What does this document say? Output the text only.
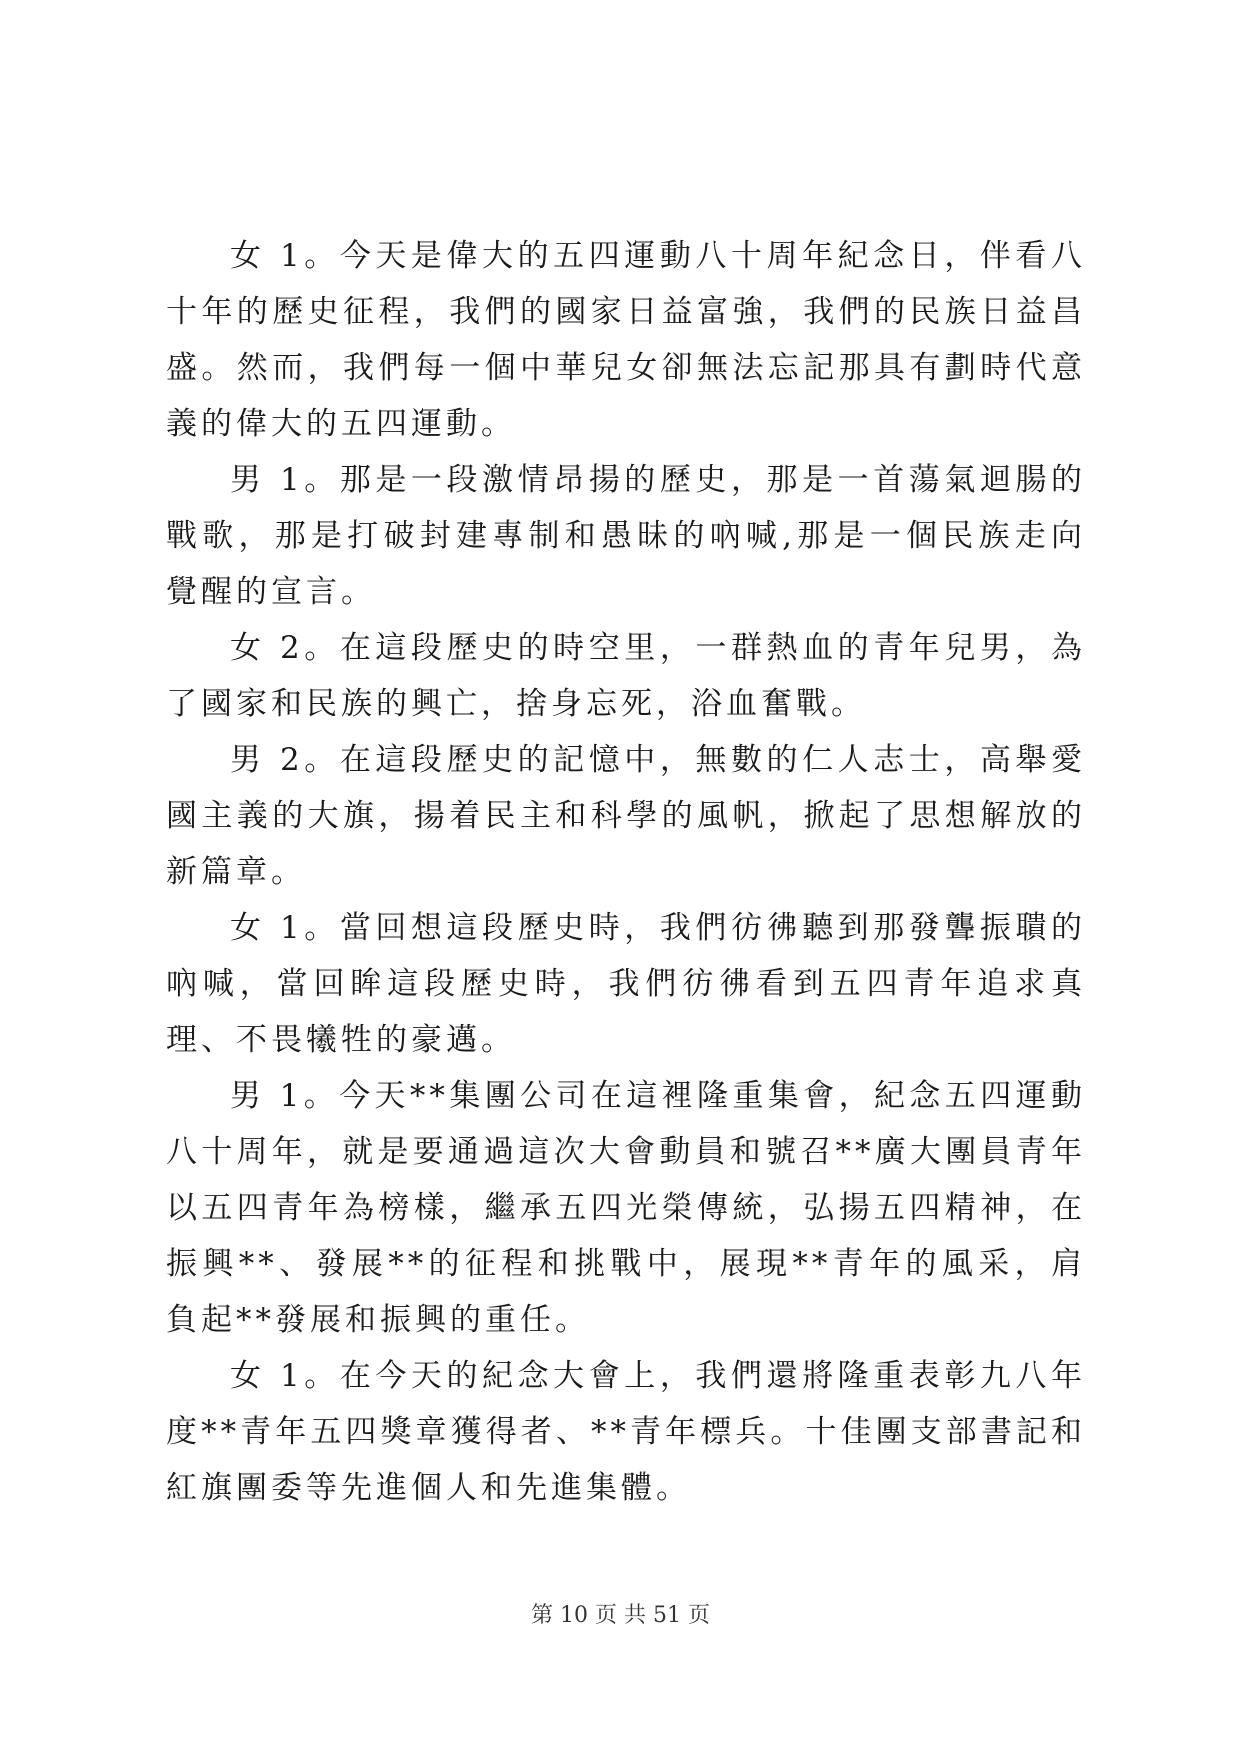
女 1。今天是偉大的五四運動八十周年紀念日，伴看八十年的歷史征程，我們的國家日益富強，我們的民族日益昌盛。然而，我們每一個中華兒女卻無法忘記那具有劃時代意義的偉大的五四運動。

男 1。那是一段激情昂揚的歷史，那是一首蕩氣迴腸的戰歌，那是打破封建專制和愚昧的吶喊,那是一個民族走向覺醒的宣言。

女 2。在這段歷史的時空里，一群熱血的青年兒男，為了國家和民族的興亡，捨身忘死，浴血奮戰。

男 2。在這段歷史的記憶中，無數的仁人志士，高舉愛國主義的大旗，揚着民主和科學的風帆，掀起了思想解放的新篇章。

女 1。當回想這段歷史時，我們彷彿聽到那發聾振聵的吶喊，當回眸這段歷史時，我們彷彿看到五四青年追求真理、不畏犧牲的豪邁。

男 1。今天**集團公司在這裡隆重集會，紀念五四運動八十周年，就是要通過這次大會動員和號召**廣大團員青年以五四青年為榜樣，繼承五四光榮傳統，弘揚五四精神，在振興**、發展**的征程和挑戰中，展現**青年的風采，肩負起**發展和振興的重任。

女 1。在今天的紀念大會上，我們還將隆重表彰九八年度**青年五四獎章獲得者、**青年標兵。十佳團支部書記和紅旗團委等先進個人和先進集體。

第 10 页 共 51 页
